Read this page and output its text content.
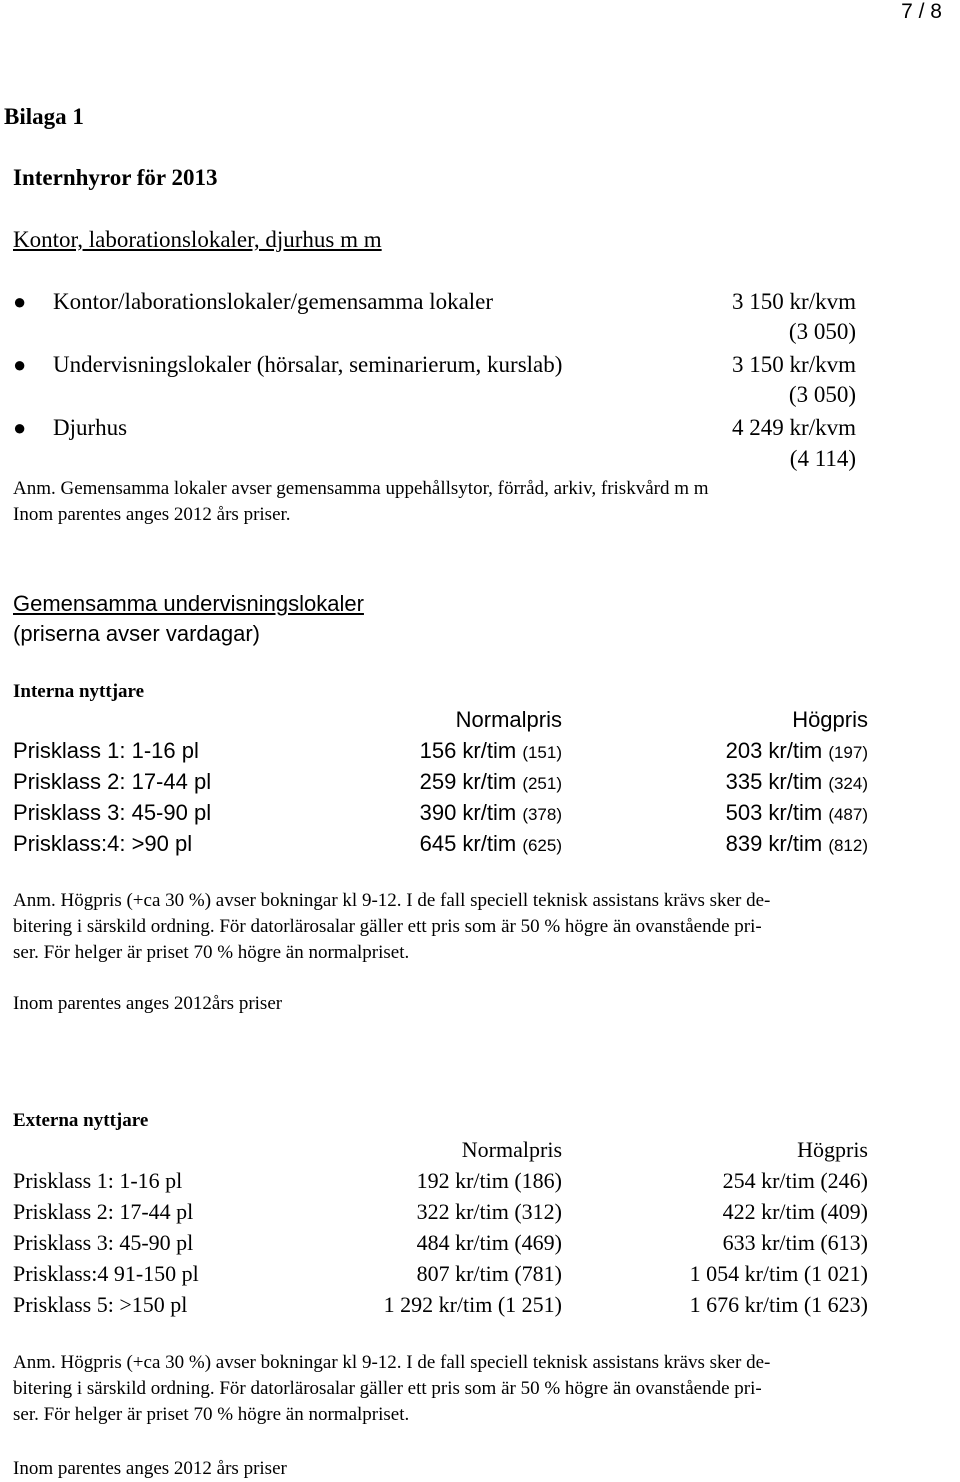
7 / 8
Bilaga 1
Internhyror för 2013
Kontor, laborationslokaler, djurhus m m
● Kontor/laborationslokaler/gemensamma lokaler	3 150 kr/kvm
(3 050)
● Undervisningslokaler (hörsalar, seminarierum, kurslab)	3 150 kr/kvm
(3 050)
● Djurhus	4 249 kr/kvm
(4 114)
Anm. Gemensamma lokaler avser gemensamma uppehållsytor, förråd, arkiv, friskvård m m
Inom parentes anges 2012 års priser.
Gemensamma undervisningslokaler
(priserna avser vardagar)
Interna nyttjare
Normalpris	Högpris
Prisklass 1: 1-16 pl	156 kr/tim (151)	203 kr/tim (197)
Prisklass 2: 17-44 pl	259 kr/tim (251)	335 kr/tim (324)
Prisklass 3: 45-90 pl	390 kr/tim (378)	503 kr/tim (487)
Prisklass:4: >90 pl	645 kr/tim (625)	839 kr/tim (812)
Anm. Högpris (+ca 30 %) avser bokningar kl 9-12. I de fall speciell teknisk assistans krävs sker de-
bitering i särskild ordning. För datorlärosalar gäller ett pris som är 50 % högre än ovanstående pri-
ser. För helger är priset 70 % högre än normalpriset.
Inom parentes anges 2012års priser
Externa nyttjare
Normalpris	Högpris
Prisklass 1: 1-16 pl	192 kr/tim (186)	254 kr/tim (246)
Prisklass 2: 17-44 pl	322 kr/tim (312)	422 kr/tim (409)
Prisklass 3: 45-90 pl	484 kr/tim (469)	633 kr/tim (613)
Prisklass:4 91-150 pl	807 kr/tim (781)	1 054 kr/tim (1 021)
Prisklass 5: >150 pl	1 292 kr/tim (1 251)	1 676 kr/tim (1 623)
Anm. Högpris (+ca 30 %) avser bokningar kl 9-12. I de fall speciell teknisk assistans krävs sker de-
bitering i särskild ordning. För datorlärosalar gäller ett pris som är 50 % högre än ovanstående pri-
ser. För helger är priset 70 % högre än normalpriset.
Inom parentes anges 2012 års priser
